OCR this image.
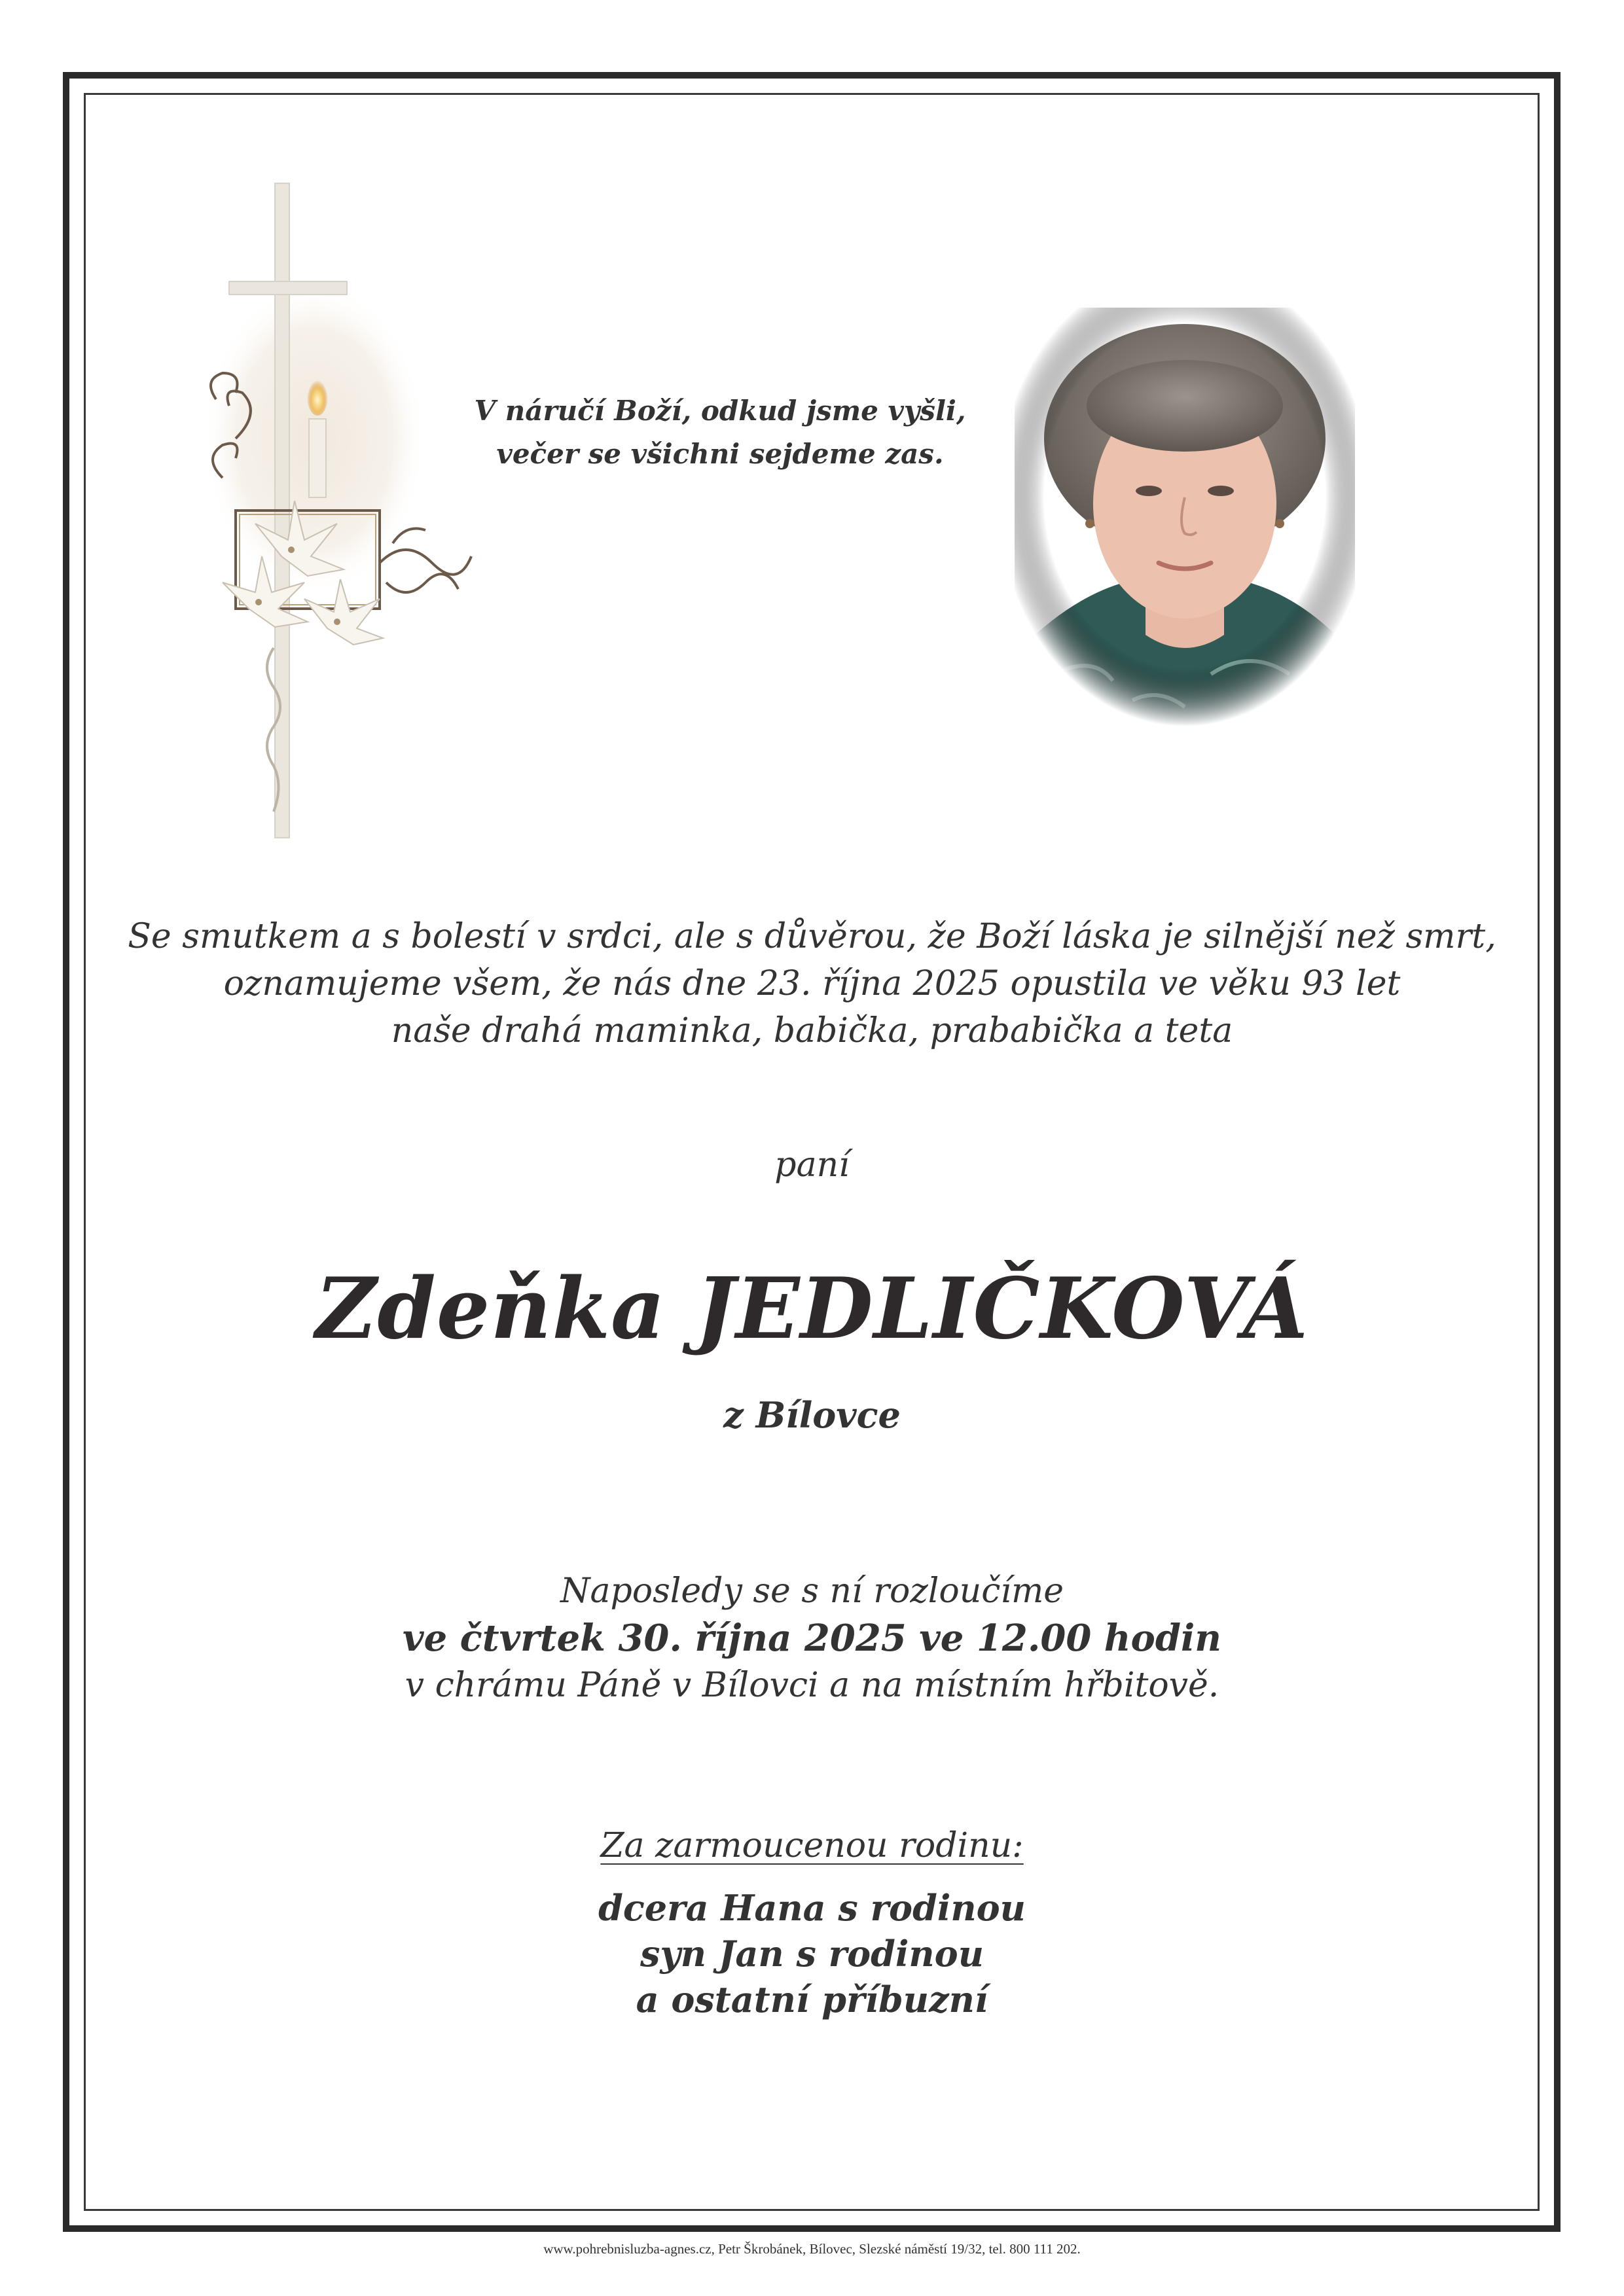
V náručí Boží, odkud jsme vyšli,
večer se všichni sejdeme zas.
Se smutkem a s bolestí v srdci, ale s důvěrou, že Boží láska je silnější než smrt,
oznamujeme všem, že nás dne 23. října 2025 opustila ve věku 93 let
naše drahá maminka, babička, prababička a teta
paní
Zdeňka JEDLIČKOVÁ
z Bílovce
Naposledy se s ní rozloučíme
ve čtvrtek 30. října 2025 ve 12.00 hodin
v chrámu Páně v Bílovci a na místním hřbitově.
Za zarmoucenou rodinu:
dcera Hana s rodinou
syn Jan s rodinou
a ostatní příbuzní
www.pohrebnisluzba-agnes.cz, Petr Škrobánek, Bílovec, Slezské náměstí 19/32, tel. 800 111 202.
